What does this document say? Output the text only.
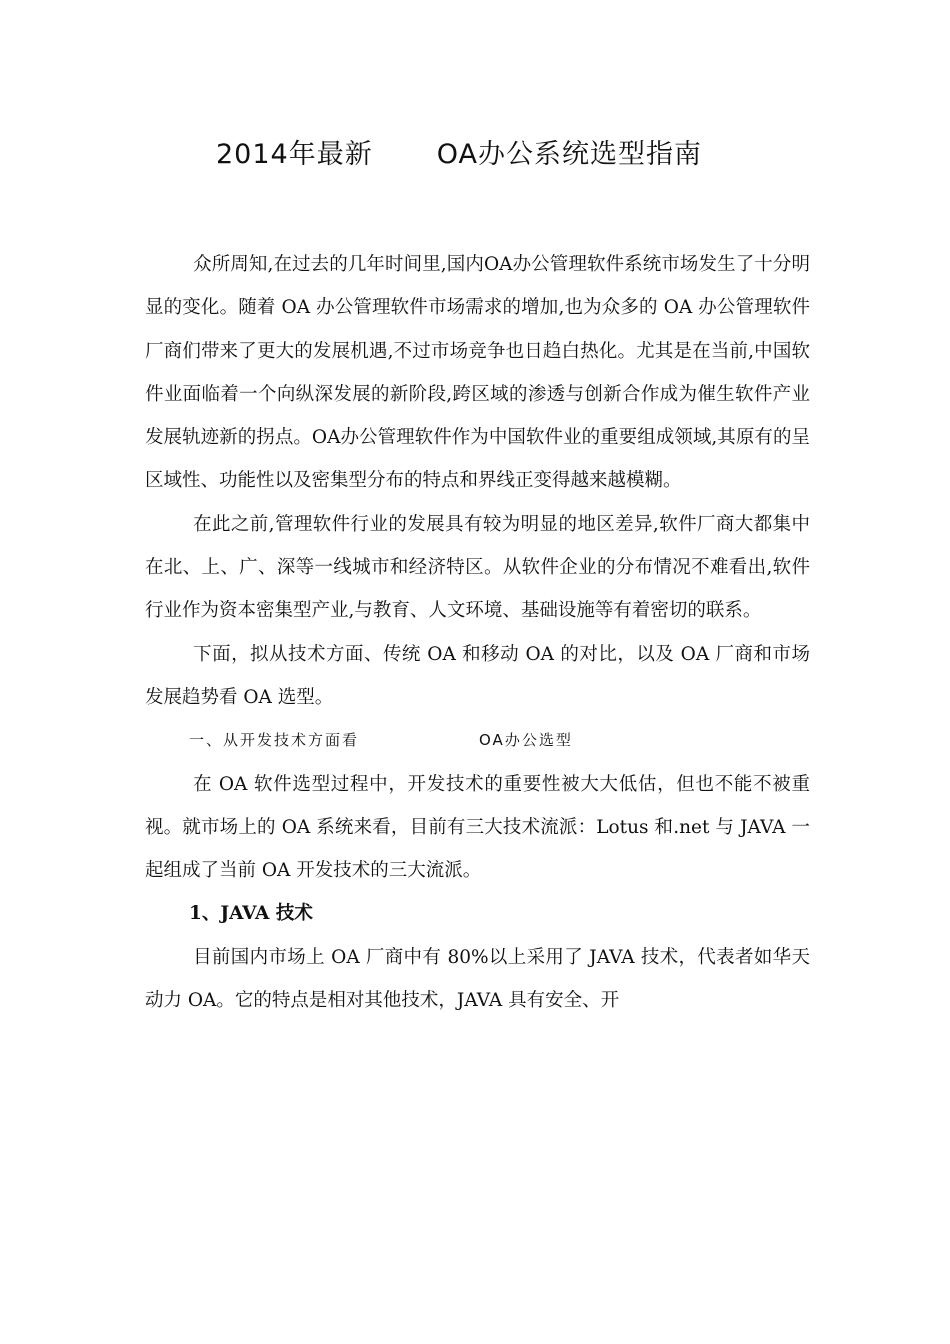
2014年最新 OA办公系统选型指南

众所周知,在过去的几年时间里,国内OA办公管理软件系统市场发生了十分明显的变化。随着 OA 办公管理软件市场需求的增加,也为众多的 OA 办公管理软件厂商们带来了更大的发展机遇,不过市场竞争也日趋白热化。尤其是在当前,中国软件业面临着一个向纵深发展的新阶段,跨区域的渗透与创新合作成为催生软件产业发展轨迹新的拐点。OA办公管理软件作为中国软件业的重要组成领域,其原有的呈区域性、功能性以及密集型分布的特点和界线正变得越来越模糊。

在此之前,管理软件行业的发展具有较为明显的地区差异,软件厂商大都集中在北、上、广、深等一线城市和经济特区。从软件企业的分布情况不难看出,软件行业作为资本密集型产业,与教育、人文环境、基础设施等有着密切的联系。

下面，拟从技术方面、传统 OA 和移动 OA 的对比，以及 OA 厂商和市场发展趋势看 OA 选型。

一、从开发技术方面看	OA办公选型

在 OA 软件选型过程中，开发技术的重要性被大大低估，但也不能不被重视。就市场上的 OA 系统来看，目前有三大技术流派：Lotus 和.net 与 JAVA 一起组成了当前 OA 开发技术的三大流派。

1、JAVA 技术

目前国内市场上 OA 厂商中有 80%以上采用了 JAVA 技术，代表者如华天动力 OA。它的特点是相对其他技术，JAVA 具有安全、开
